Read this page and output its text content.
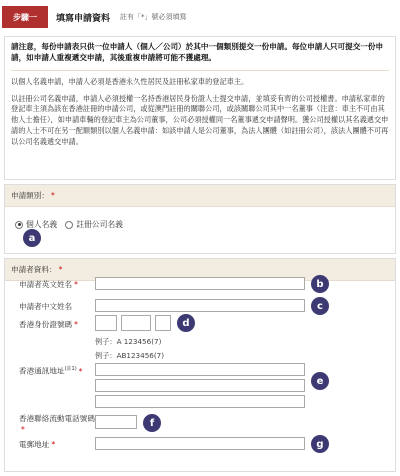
步驟一	填寫申請資料 註有「*」號必須填寫

請注意，每份申請表只供一位申請人（個人／公司）於其中一個類別提交一份申請。每位申請人只可提交一份申請，如申請人重複遞交申請，其後重複申請將可能不獲處理。

以個人名義申請，申請人必須是香港永久性居民及註冊私家車的登記車主。

以註冊公司名義申請，申請人必須授權一名持香港居民身份證人士提交申請，並填妥有齊的公司授權書。申請私家車的登記車主須為該在香港註冊的申請公司，或從澳門註冊的關聯公司，或該關聯公司其中一名董事（注意：車主不可由其他人士擔任），如申請車輛的登記車主為公司董事，公司必須授權同一名董事遞交申請聲明。獲公司授權以其名義遞交申請的人士不可在另一配額類別以個人名義申請：如該申請人是公司董事，為法人團體（如註冊公司），該法人團體不可再以公司名義遞交申請。

申請類別： *
個人名義 註冊公司名義
a
申請者資料： *
申請者英文姓名 *	b
申請者中文姓名	c
香港身份證號碼 *	d
例子：A 123456(7)
例子：AB123456(7)
香港通訊地址$^{(註1)}$ *
e
香港聯絡流動電話號碼*
f
電郵地址 *	g
